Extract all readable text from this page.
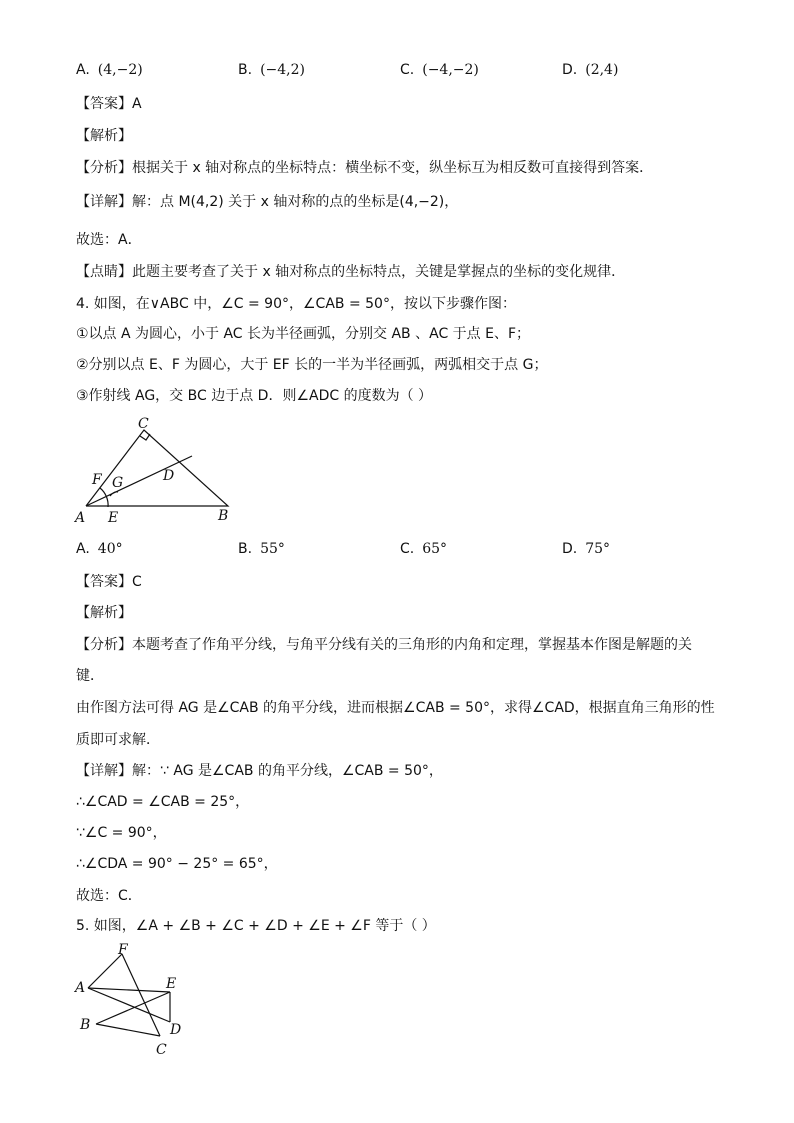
A. (4,−2)	B. (−4,2)	C. (−4,−2)	D. (2,4)
【答案】A
【解析】
【分析】根据关于 x 轴对称点的坐标特点：横坐标不变，纵坐标互为相反数可直接得到答案．
【详解】解：点 M(4,2) 关于 x 轴对称的点的坐标是(4,−2)，
故选：A．
【点睛】此题主要考查了关于 x 轴对称点的坐标特点，关键是掌握点的坐标的变化规律．
4. 如图，在∨ABC 中，∠C = 90°，∠CAB = 50°，按以下步骤作图：
①以点 A 为圆心，小于 AC 长为半径画弧，分别交 AB 、AC 于点 E、F；
②分别以点 E、F 为圆心，大于 EF 长的一半为半径画弧，两弧相交于点 G；
③作射线 AG，交 BC 边于点 D．则∠ADC 的度数为（ ）
C
F G	D
A E	B
A. 40°	B. 55°	C. 65°	D. 75°
【答案】C
【解析】
【分析】本题考查了作角平分线，与角平分线有关的三角形的内角和定理，掌握基本作图是解题的关
键．
由作图方法可得 AG 是∠CAB 的角平分线，进而根据∠CAB = 50°，求得∠CAD，根据直角三角形的性
质即可求解．
【详解】解：∵ AG 是∠CAB 的角平分线，∠CAB = 50°，
∴∠CAD = ∠CAB = 25°，
∵∠C = 90°，
∴∠CDA = 90° − 25° = 65°，
故选：C．
5. 如图，∠A + ∠B + ∠C + ∠D + ∠E + ∠F 等于（ ）
F
A	E
B	D
C
